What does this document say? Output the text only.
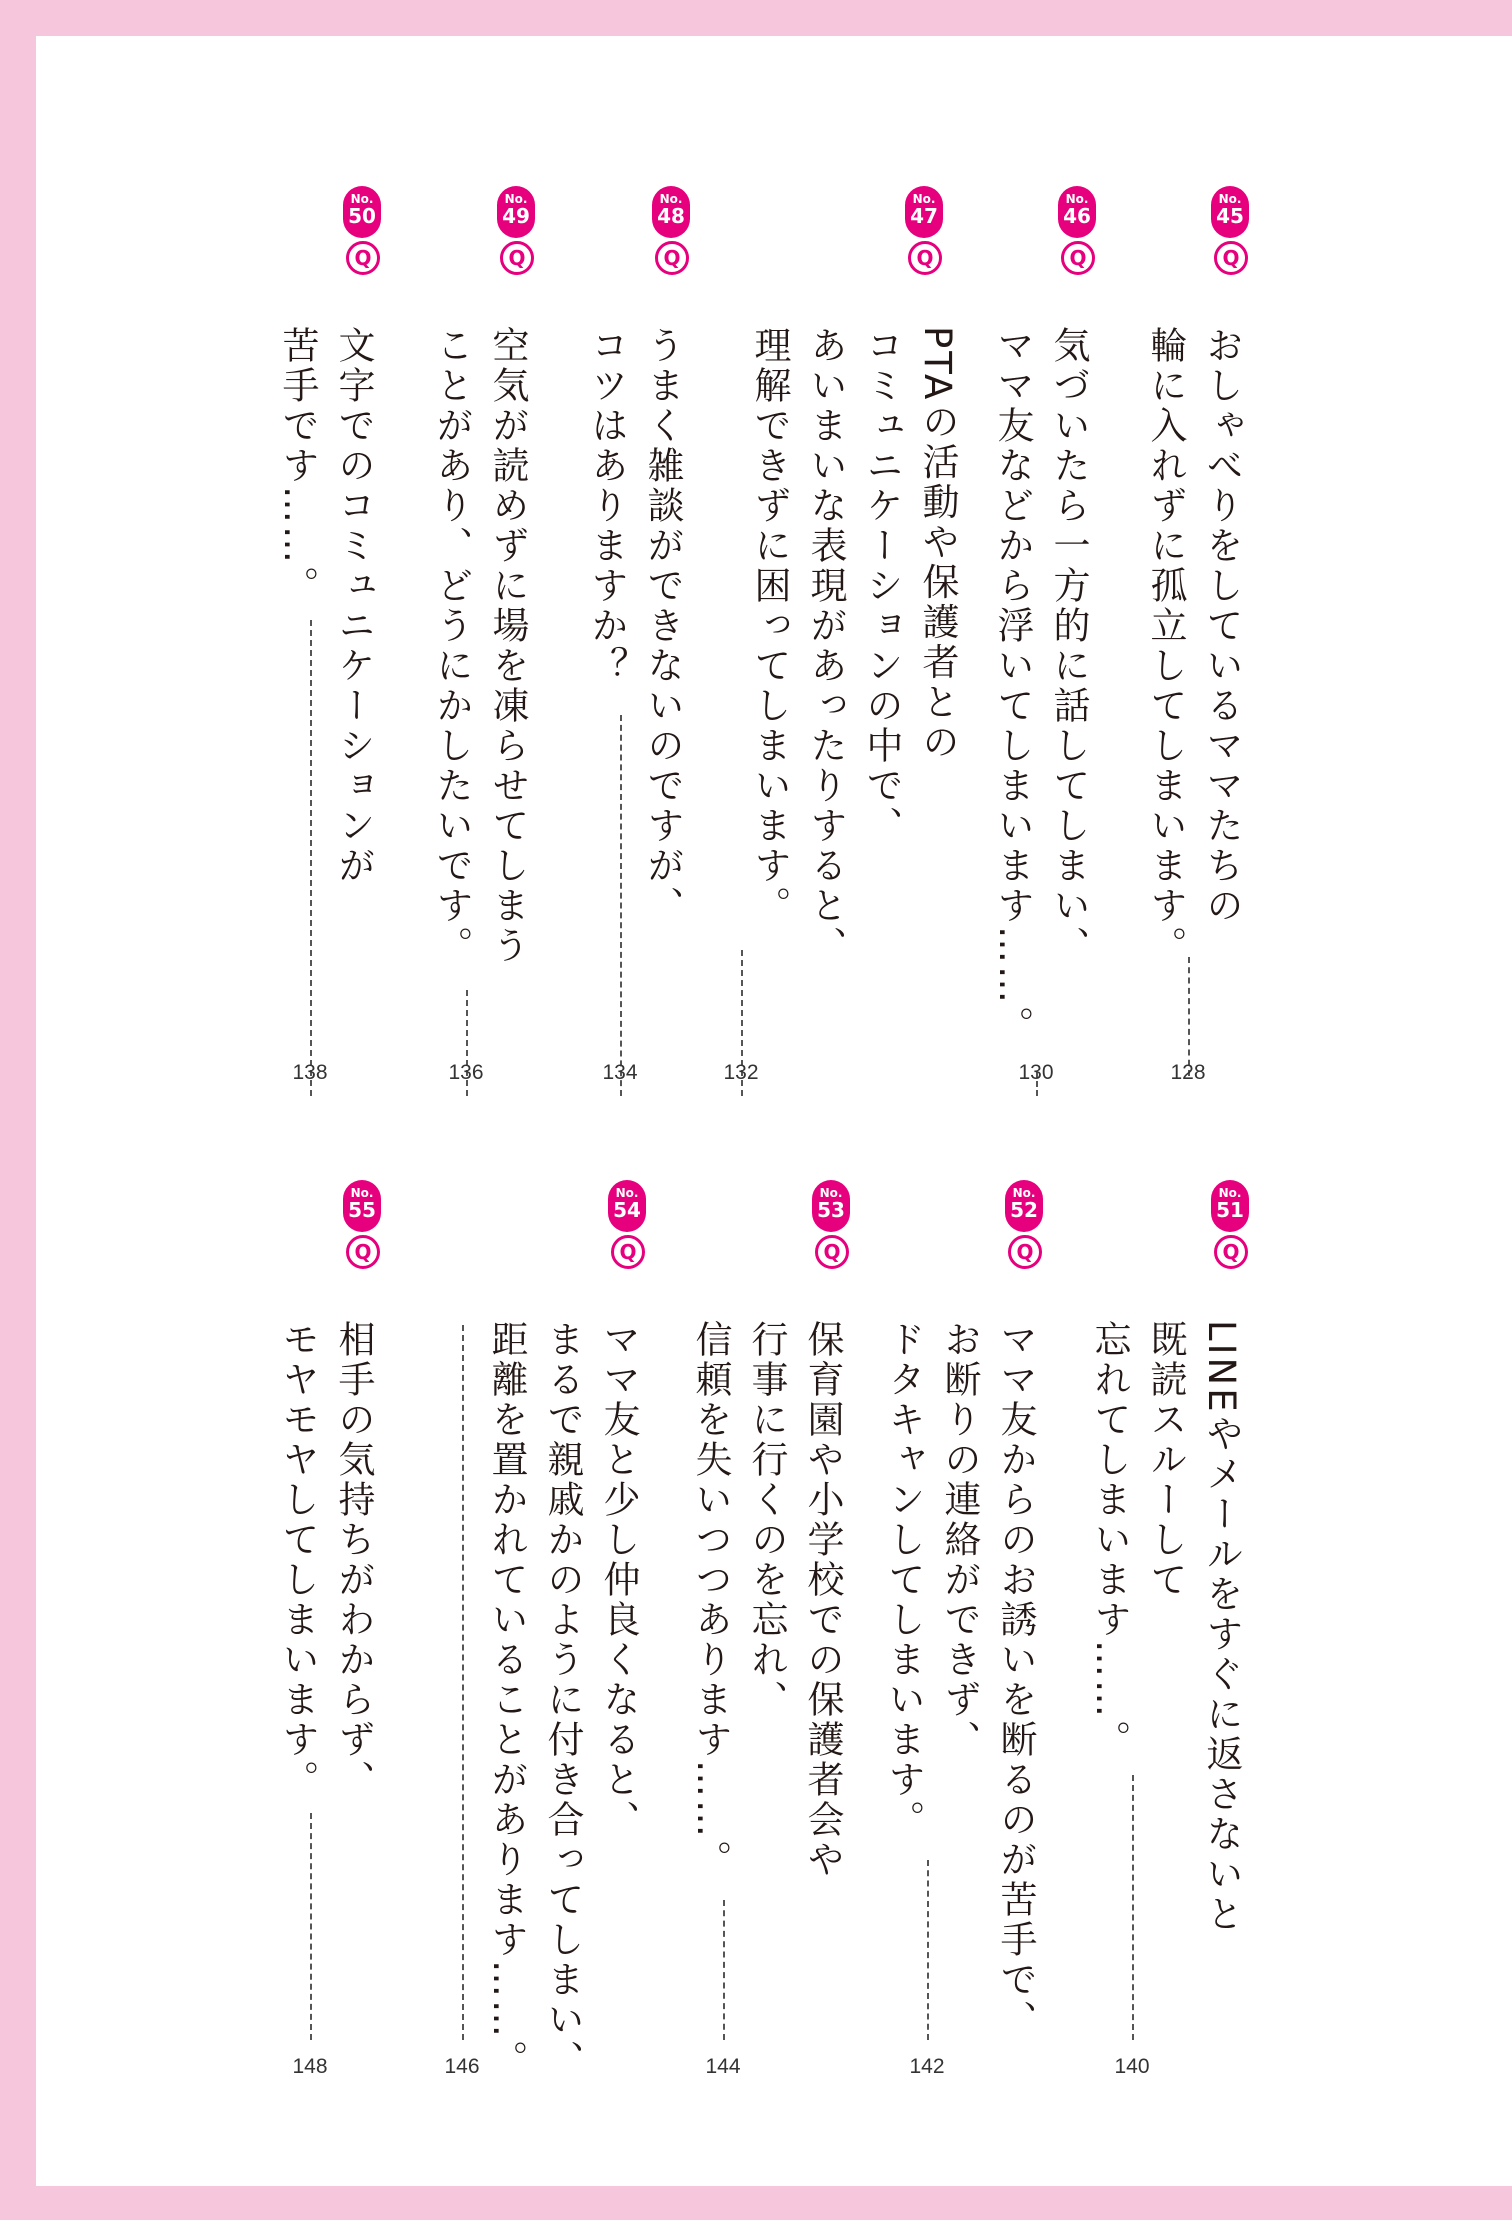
No.
45
Q
おしゃべりをしているママたちの
輪に入れずに孤立してしまいます。
128
No.
46
Q
気づいたら一方的に話してしまい、
ママ友などから浮いてしまいます……。
130
No.
47
Q
PTAの活動や保護者との
コミュニケーションの中で、
あいまいな表現があったりすると、
理解できずに困ってしまいます。
132
No.
48
Q
うまく雑談ができないのですが、
コツはありますか？
134
No.
49
Q
空気が読めずに場を凍らせてしまう
ことがあり、どうにかしたいです。
136
No.
50
Q
文字でのコミュニケーションが
苦手です……。
138
No.
51
Q
LINEやメールをすぐに返さないと
既読スルーして
忘れてしまいます……。
140
No.
52
Q
ママ友からのお誘いを断るのが苦手で、
お断りの連絡ができず、
ドタキャンしてしまいます。
142
No.
53
Q
保育園や小学校での保護者会や
行事に行くのを忘れ、
信頼を失いつつあります……。
144
No.
54
Q
ママ友と少し仲良くなると、
まるで親戚かのように付き合ってしまい、
距離を置かれていることがあります……。
146
No.
55
Q
相手の気持ちがわからず、
モヤモヤしてしまいます。
148
